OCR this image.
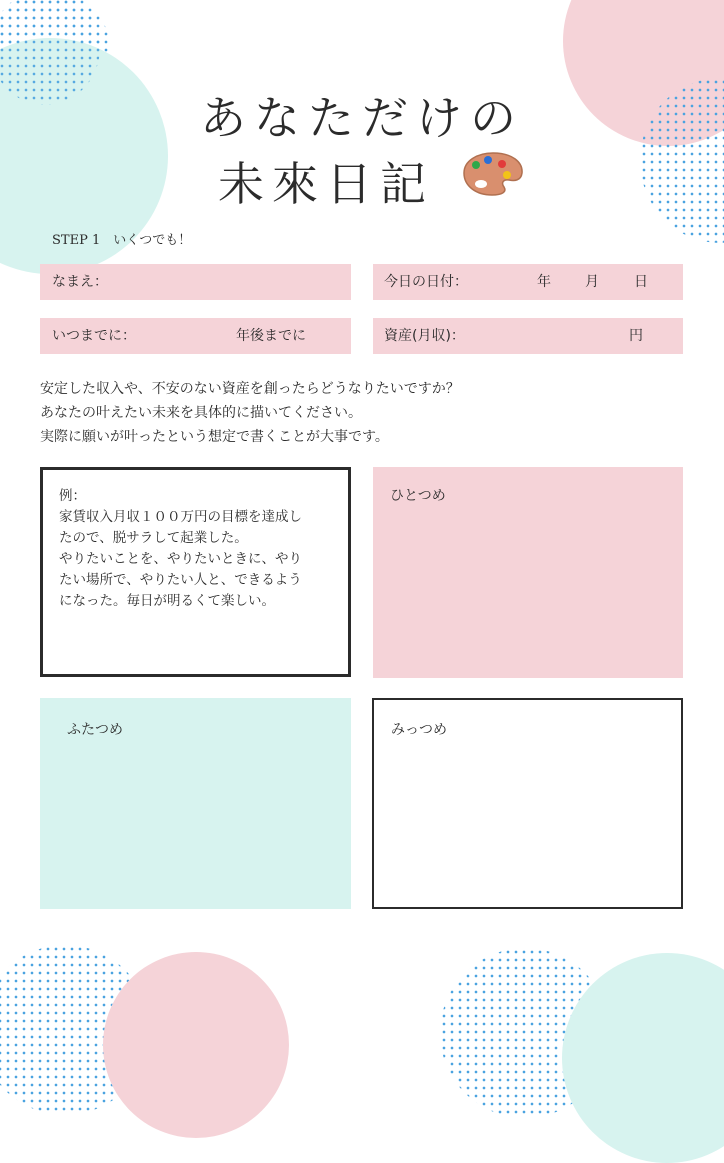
あなただけの
未來日記
STEP 1　いくつでも！
なまえ：	今日の日付：	年 月	日
いつまでに：	年後までに	資産(月収)：	円
安定した収入や、不安のない資産を創ったらどうなりたいですか？
あなたの叶えたい未来を具体的に描いてください。
実際に願いが叶ったという想定で書くことが大事です。
例：
家賃収入月収１００万円の目標を達成し
たので、脱サラして起業した。
やりたいことを、やりたいときに、やり
たい場所で、やりたい人と、できるよう
になった。毎日が明るくて楽しい。
ひとつめ
ふたつめ	みっつめ
